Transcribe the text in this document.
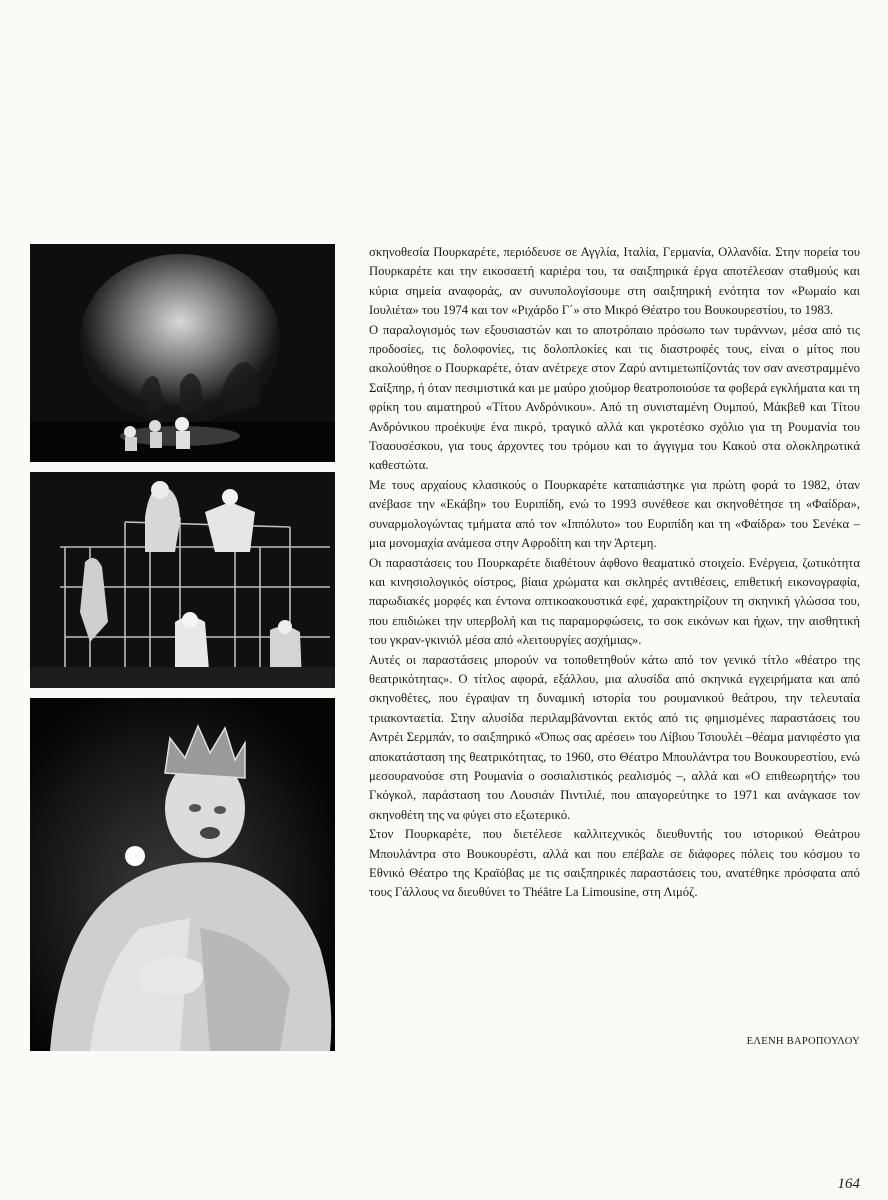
σκηνοθεσία Πουρκαρέτε, περιόδευσε σε Αγγλία, Ιταλία, Γερμανία, Ολλανδία. Στην πορεία του Πουρκαρέτε και την εικοσαετή καριέρα του, τα σαιξπηρικά έργα αποτέλεσαν σταθμούς και κύρια σημεία αναφοράς, αν συνυπολογίσουμε στη σαιξπηρική ενότητα τον «Ρωμαίο και Ιουλιέτα» του 1974 και τον «Ριχάρδο Γ΄» στο Μικρό Θέατρο του Βουκουρεστίου, το 1983.

Ο παραλογισμός των εξουσιαστών και το αποτρόπαιο πρόσωπο των τυράννων, μέσα από τις προδοσίες, τις δολοφονίες, τις δολοπλοκίες και τις διαστροφές τους, είναι ο μίτος που ακολούθησε ο Πουρκαρέτε, όταν ανέτρεχε στον Ζαρύ αντιμετωπίζοντάς τον σαν ανεστραμμένο Σαίξπηρ, ή όταν πεσιμιστικά και με μαύρο χιούμορ θεατροποιούσε τα φοβερά εγκλήματα και τη φρίκη του αιματηρού «Τίτου Ανδρόνικου». Από τη συνισταμένη Ουμπού, Μάκβεθ και Τίτου Ανδρόνικου προέκυψε ένα πικρό, τραγικό αλλά και γκροτέσκο σχόλιο για τη Ρουμανία του Τσαουσέσκου, για τους άρχοντες του τρόμου και το άγγιγμα του Κακού στα ολοκληρωτικά καθεστώτα.

Με τους αρχαίους κλασικούς ο Πουρκαρέτε καταπιάστηκε για πρώτη φορά το 1982, όταν ανέβασε την «Εκάβη» του Ευριπίδη, ενώ το 1993 συνέθεσε και σκηνοθέτησε τη «Φαίδρα», συναρμολογώντας τμήματα από τον «Ιππόλυτο» του Ευριπίδη και τη «Φαίδρα» του Σενέκα –μια μονομαχία ανάμεσα στην Αφροδίτη και την Άρτεμη.

Οι παραστάσεις του Πουρκαρέτε διαθέτουν άφθονο θεαματικό στοιχείο. Ενέργεια, ζωτικότητα και κινησιολογικός οίστρος, βίαια χρώματα και σκληρές αντιθέσεις, επιθετική εικονογραφία, παρωδιακές μορφές και έντονα οπτικοακουστικά εφέ, χαρακτηρίζουν τη σκηνική γλώσσα του, που επιδιώκει την υπερβολή και τις παραμορφώσεις, το σοκ εικόνων και ήχων, την αισθητική του γκραν-γκινιόλ μέσα από «λειτουργίες ασχήμιας».

Αυτές οι παραστάσεις μπορούν να τοποθετηθούν κάτω από τον γενικό τίτλο «θέατρο της θεατρικότητας». Ο τίτλος αφορά, εξάλλου, μια αλυσίδα από σκηνικά εγχειρήματα και από σκηνοθέτες, που έγραψαν τη δυναμική ιστορία του ρουμανικού θεάτρου, την τελευταία τριακονταετία. Στην αλυσίδα περιλαμβάνονται εκτός από τις φημισμένες παραστάσεις του Αντρέι Σερμπάν, το σαιξπηρικό «Όπως σας αρέσει» του Λίβιου Τσιουλέι –θέαμα μανιφέστο για αποκατάσταση της θεατρικότητας, το 1960, στο Θέατρο Μπουλάντρα του Βουκουρεστίου, ενώ μεσουρανούσε στη Ρουμανία ο σοσιαλιστικός ρεαλισμός –, αλλά και «Ο επιθεωρητής» του Γκόγκολ, παράσταση του Λουσιάν Πιντιλιέ, που απαγορεύτηκε το 1971 και ανάγκασε τον σκηνοθέτη της να φύγει στο εξωτερικό.

Στον Πουρκαρέτε, που διετέλεσε καλλιτεχνικός διευθυντής του ιστορικού Θεάτρου Μπουλάντρα στο Βουκουρέστι, αλλά και που επέβαλε σε διάφορες πόλεις του κόσμου το Εθνικό Θέατρο της Κραϊόβας με τις σαιξπηρικές παραστάσεις του, ανατέθηκε πρόσφατα από τους Γάλλους να διευθύνει το Théâtre La Limousine, στη Λιμόζ.

ΕΛΕΝΗ ΒΑΡΟΠΟΥΛΟΥ
164
